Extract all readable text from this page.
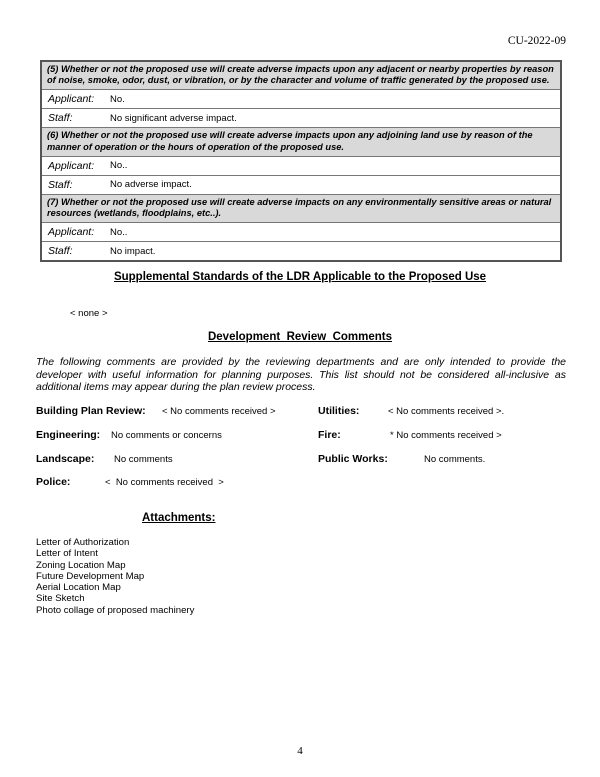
CU-2022-09
(5) Whether or not the proposed use will create adverse impacts upon any adjacent or nearby properties by reason of noise, smoke, odor, dust, or vibration, or by the character and volume of traffic generated by the proposed use.
Applicant:	No.
Staff:	No significant adverse impact.
(6) Whether or not the proposed use will create adverse impacts upon any adjoining land use by reason of the manner of operation or the hours of operation of the proposed use.
Applicant:	No..
Staff:	No adverse impact.
(7) Whether or not the proposed use will create adverse impacts on any environmentally sensitive areas or natural resources (wetlands, floodplains, etc..).
Applicant:	No..
Staff:	No impact.
Supplemental Standards of the LDR Applicable to the Proposed Use
< none >
Development  Review  Comments
The following comments are provided by the reviewing departments and are only intended to provide the developer with useful information for planning purposes. This list should not be considered all-inclusive as additional items may appear during the plan review process.
Building Plan Review: < No comments received >	Utilities:	< No comments received >.
Engineering: No comments or concerns	Fire:	* No comments received >
Landscape: No comments	Public Works:	No comments.
Police:	<  No comments received  >
Attachments:
Letter of Authorization
Letter of Intent
Zoning Location Map
Future Development Map
Aerial Location Map
Site Sketch
Photo collage of proposed machinery
4
